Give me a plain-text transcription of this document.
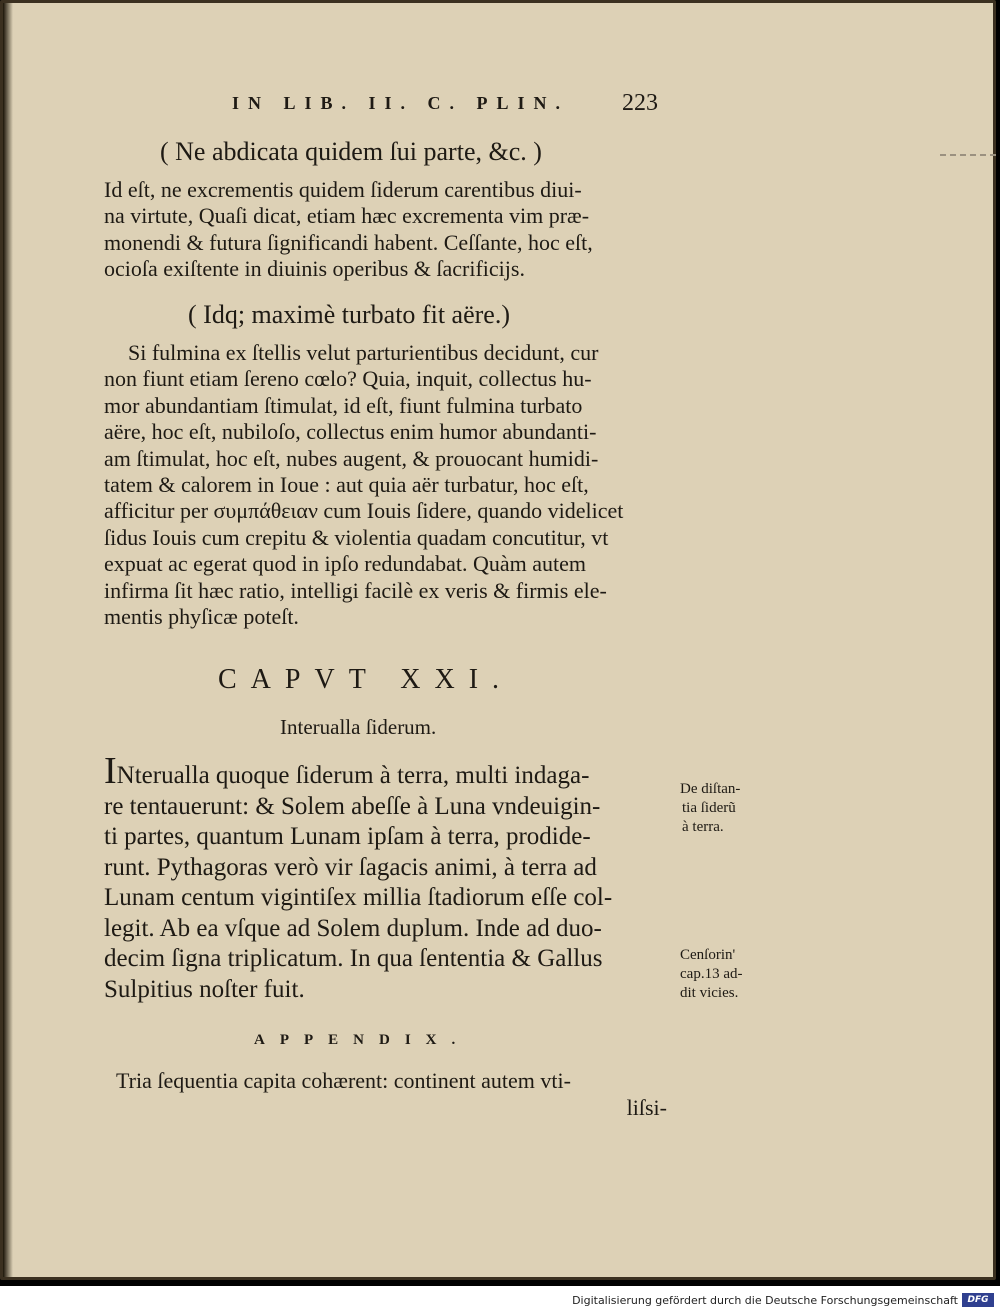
IN LIB. II. C. PLIN. 223
( Ne abdicata quidem ſui parte, &c. )
Id eſt, ne excrementis quidem ſiderum carentibus diui-
na virtute, Quaſi dicat, etiam hæc excrementa vim præ-
monendi & futura ſignificandi habent. Ceſſante, hoc eſt,
ocioſa exiſtente in diuinis operibus & ſacrificijs.
( Idq; maximè turbato fit aëre.)
Si fulmina ex ſtellis velut parturientibus decidunt, cur
non fiunt etiam ſereno cœlo? Quia, inquit, collectus hu-
mor abundantiam ſtimulat, id eſt, fiunt fulmina turbato
aëre, hoc eſt, nubiloſo, collectus enim humor abundanti-
am ſtimulat, hoc eſt, nubes augent, & prouocant humidi-
tatem & calorem in Ioue : aut quia aër turbatur, hoc eſt,
afficitur per συμπάθειαν cum Iouis ſidere, quando videlicet
ſidus Iouis cum crepitu & violentia quadam concutitur, vt
expuat ac egerat quod in ipſo redundabat. Quàm autem
infirma ſit hæc ratio, intelligi facilè ex veris & firmis ele-
mentis phyſicæ poteſt.
CAPVT XXI.
Interualla ſiderum.
INterualla quoque ſiderum à terra, multi indaga-
re tentauerunt: & Solem abeſſe à Luna vndeuigin-
ti partes, quantum Lunam ipſam à terra, prodide-
runt. Pythagoras verò vir ſagacis animi, à terra ad
Lunam centum vigintiſex millia ſtadiorum eſſe col-
legit. Ab ea vſque ad Solem duplum. Inde ad duo-
decim ſigna triplicatum. In qua ſententia & Gallus
Sulpitius noſter fuit.
De diſtan-
tia ſiderũ
à terra.
Cenſorin'
cap.13 ad-
dit vicies.
APPENDIX.
Tria ſequentia capita cohærent: continent autem vti-
liſsi-
Digitalisierung gefördert durch die Deutsche Forschungsgemeinschaft	DFG
